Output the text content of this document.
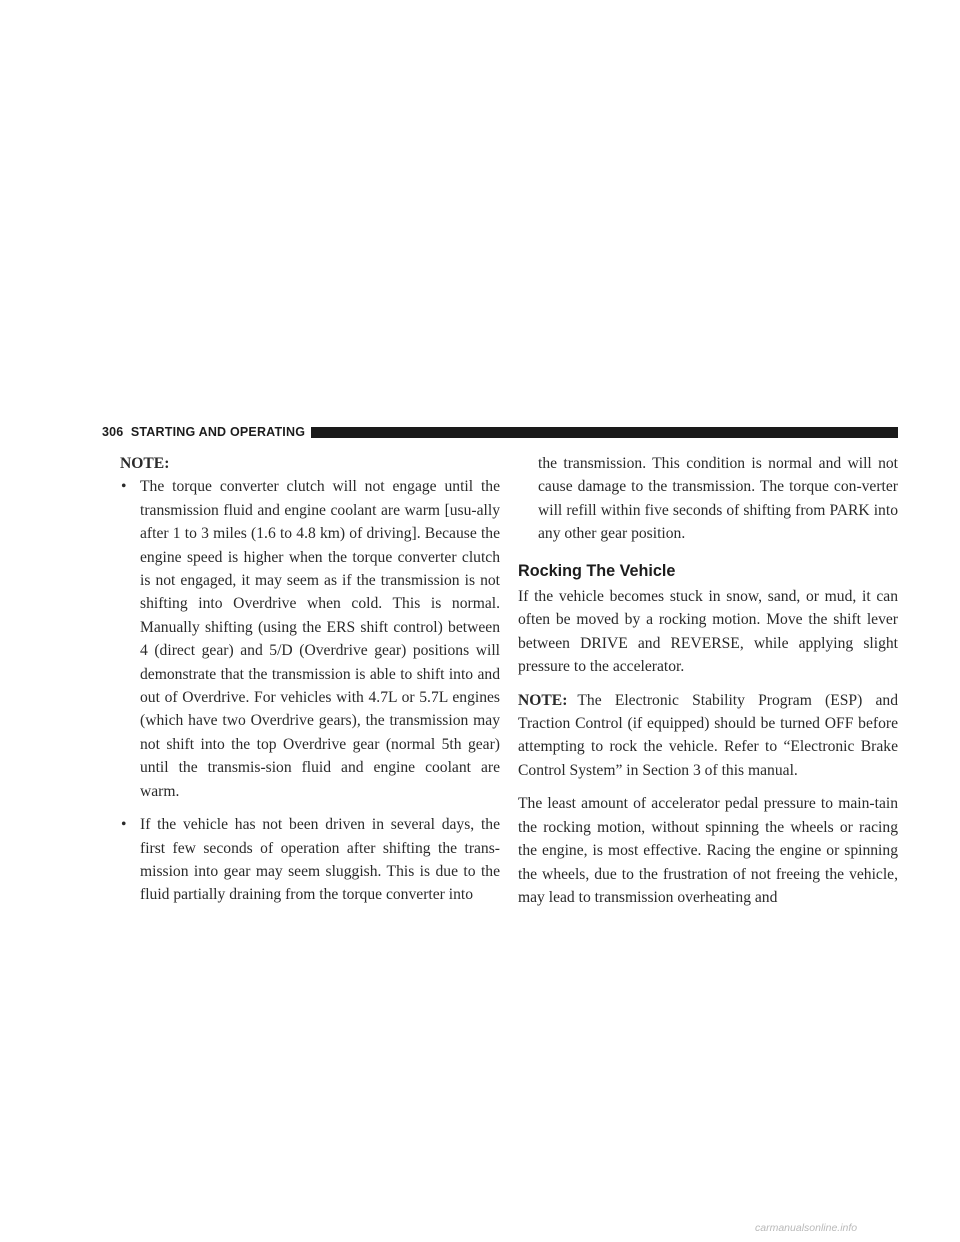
306 STARTING AND OPERATING

NOTE:

• The torque converter clutch will not engage until the transmission fluid and engine coolant are warm [usu-ally after 1 to 3 miles (1.6 to 4.8 km) of driving]. Because the engine speed is higher when the torque converter clutch is not engaged, it may seem as if the transmission is not shifting into Overdrive when cold. This is normal. Manually shifting (using the ERS shift control) between 4 (direct gear) and 5/D (Overdrive gear) positions will demonstrate that the transmission is able to shift into and out of Overdrive. For vehicles with 4.7L or 5.7L engines (which have two Overdrive gears), the transmission may not shift into the top Overdrive gear (normal 5th gear) until the transmis-sion fluid and engine coolant are warm.
• If the vehicle has not been driven in several days, the first few seconds of operation after shifting the trans-mission into gear may seem sluggish. This is due to the fluid partially draining from the torque converter into

the transmission. This condition is normal and will not cause damage to the transmission. The torque con-verter will refill within five seconds of shifting from PARK into any other gear position.

Rocking The Vehicle

If the vehicle becomes stuck in snow, sand, or mud, it can often be moved by a rocking motion. Move the shift lever between DRIVE and REVERSE, while applying slight pressure to the accelerator.

NOTE: The Electronic Stability Program (ESP) and Traction Control (if equipped) should be turned OFF before attempting to rock the vehicle. Refer to “Electronic Brake Control System” in Section 3 of this manual.

The least amount of accelerator pedal pressure to main-tain the rocking motion, without spinning the wheels or racing the engine, is most effective. Racing the engine or spinning the wheels, due to the frustration of not freeing the vehicle, may lead to transmission overheating and

carmanualsonline.info
